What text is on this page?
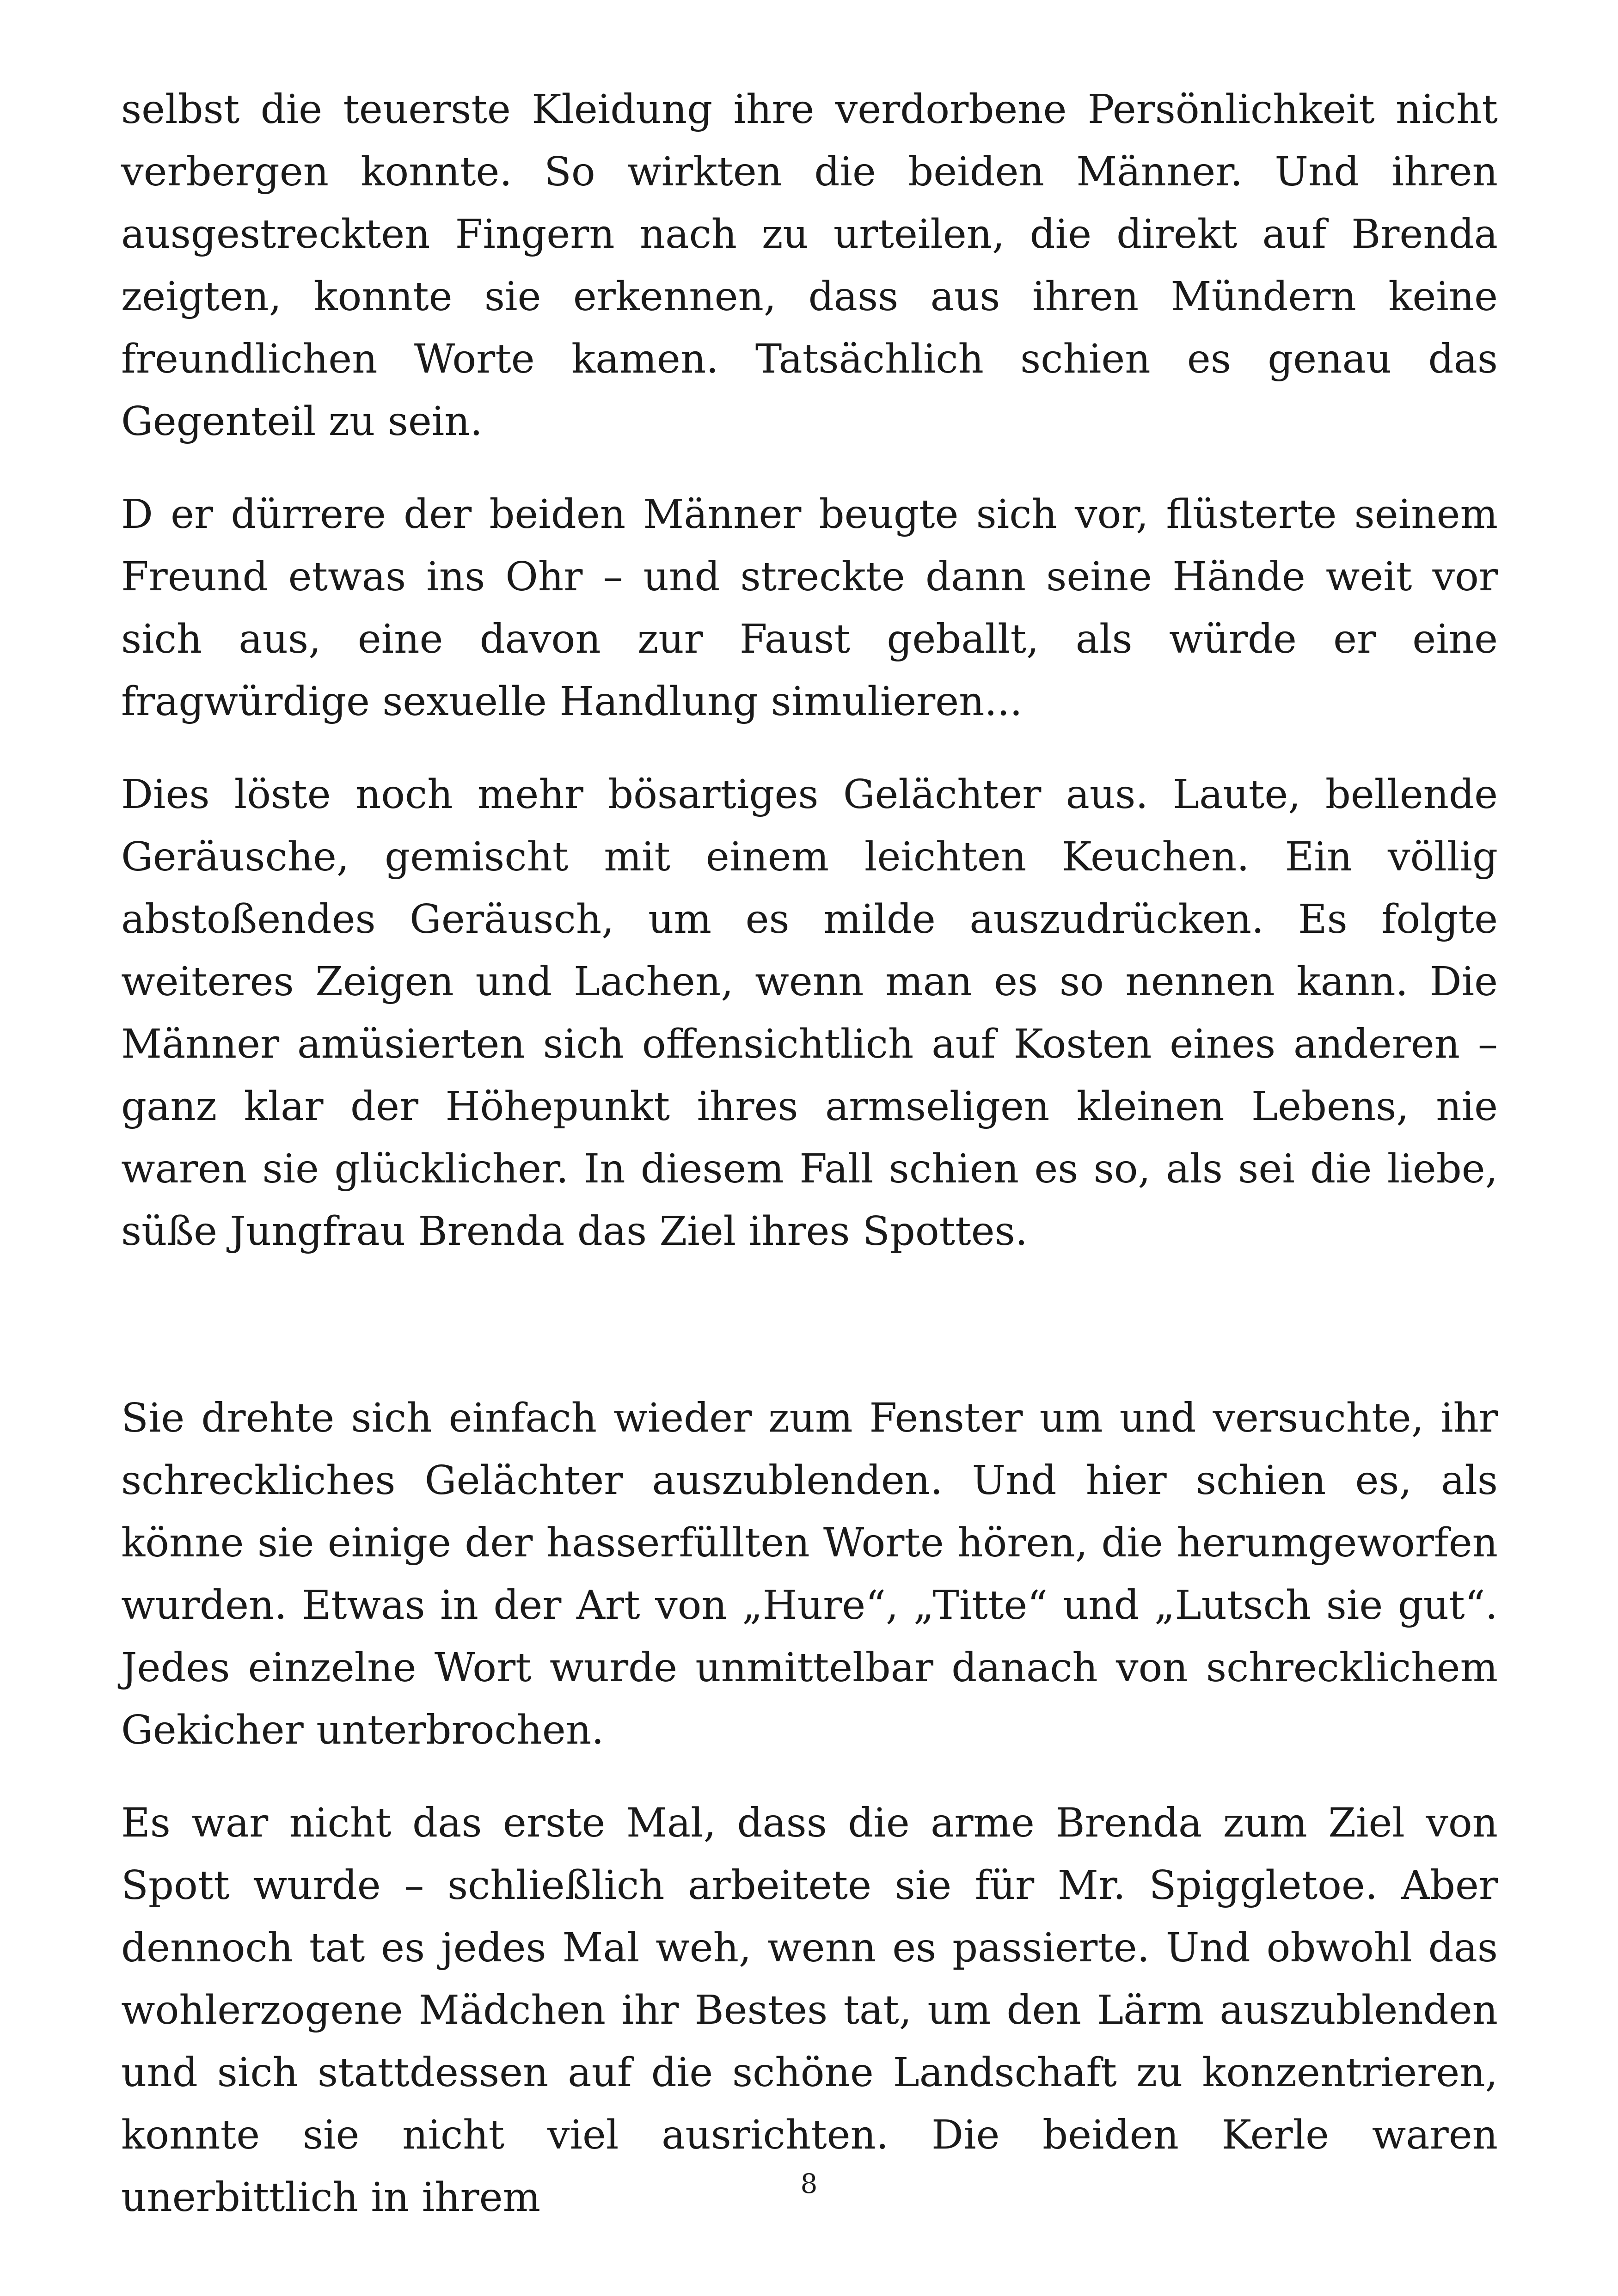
selbst die teuerste Kleidung ihre verdorbene Persönlichkeit nicht verbergen konnte. So wirkten die beiden Männer. Und ihren ausgestreckten Fingern nach zu urteilen, die direkt auf Brenda zeigten, konnte sie erkennen, dass aus ihren Mündern keine freundlichen Worte kamen. Tatsächlich schien es genau das Gegenteil zu sein.

D er dürrere der beiden Männer beugte sich vor, flüsterte seinem Freund etwas ins Ohr – und streckte dann seine Hände weit vor sich aus, eine davon zur Faust geballt, als würde er eine fragwürdige sexuelle Handlung simulieren...

Dies löste noch mehr bösartiges Gelächter aus. Laute, bellende Geräusche, gemischt mit einem leichten Keuchen. Ein völlig abstoßendes Geräusch, um es milde auszudrücken. Es folgte weiteres Zeigen und Lachen, wenn man es so nennen kann. Die Männer amüsierten sich offensichtlich auf Kosten eines anderen – ganz klar der Höhepunkt ihres armseligen kleinen Lebens, nie waren sie glücklicher. In diesem Fall schien es so, als sei die liebe, süße Jungfrau Brenda das Ziel ihres Spottes.

Sie drehte sich einfach wieder zum Fenster um und versuchte, ihr schreckliches Gelächter auszublenden. Und hier schien es, als könne sie einige der hasserfüllten Worte hören, die herumgeworfen wurden. Etwas in der Art von „Hure“, „Titte“ und „Lutsch sie gut“. Jedes einzelne Wort wurde unmittelbar danach von schrecklichem Gekicher unterbrochen.

Es war nicht das erste Mal, dass die arme Brenda zum Ziel von Spott wurde – schließlich arbeitete sie für Mr. Spiggletoe. Aber dennoch tat es jedes Mal weh, wenn es passierte. Und obwohl das wohlerzogene Mädchen ihr Bestes tat, um den Lärm auszublenden und sich stattdessen auf die schöne Landschaft zu konzentrieren, konnte sie nicht viel ausrichten. Die beiden Kerle waren unerbittlich in ihrem	8
